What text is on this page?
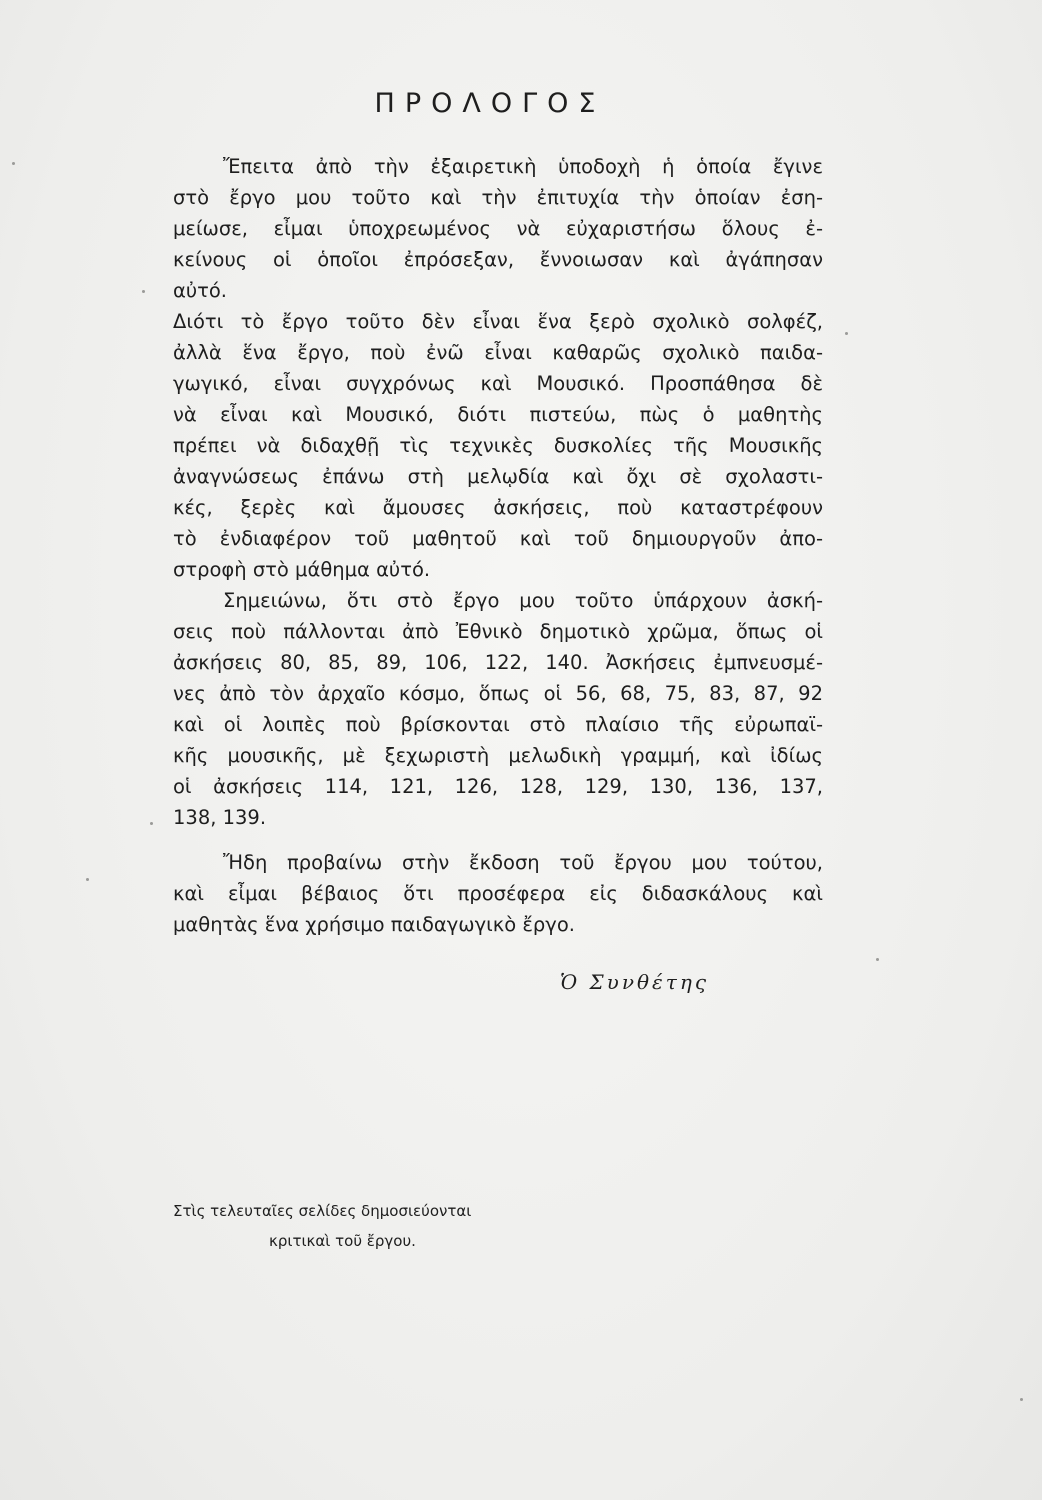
ΠΡΟΛΟΓΟΣ
Ἔπειτα ἀπὸ τὴν ἐξαιρετικὴ ὑποδοχὴ ἡ ὁποία ἔγινε
στὸ ἔργο μου τοῦτο καὶ τὴν ἐπιτυχία τὴν ὁποίαν ἐση-
μείωσε, εἶμαι ὑποχρεωμένος νὰ εὐχαριστήσω ὅλους ἐ-
κείνους οἱ ὁποῖοι ἐπρόσεξαν, ἔννοιωσαν καὶ ἀγάπησαν
αὐτό.
Διότι τὸ ἔργο τοῦτο δὲν εἶναι ἕνα ξερὸ σχολικὸ σολφέζ,
ἀλλὰ ἕνα ἔργο, ποὺ ἐνῶ εἶναι καθαρῶς σχολικὸ παιδα-
γωγικό, εἶναι συγχρόνως καὶ Μουσικό. Προσπάθησα δὲ
νὰ εἶναι καὶ Μουσικό, διότι πιστεύω, πὼς ὁ μαθητὴς
πρέπει νὰ διδαχθῇ τὶς τεχνικὲς δυσκολίες τῆς Μουσικῆς
ἀναγνώσεως ἐπάνω στὴ μελῳδία καὶ ὄχι σὲ σχολαστι-
κές, ξερὲς καὶ ἄμουσες ἀσκήσεις, ποὺ καταστρέφουν
τὸ ἐνδιαφέρον τοῦ μαθητοῦ καὶ τοῦ δημιουργοῦν ἀπο-
στροφὴ στὸ μάθημα αὐτό.
Σημειώνω, ὅτι στὸ ἔργο μου τοῦτο ὑπάρχουν ἀσκή-
σεις ποὺ πάλλονται ἀπὸ Ἐθνικὸ δημοτικὸ χρῶμα, ὅπως οἱ
ἀσκήσεις 80, 85, 89, 106, 122, 140. Ἀσκήσεις ἐμπνευσμέ-
νες ἀπὸ τὸν ἀρχαῖο κόσμο, ὅπως οἱ 56, 68, 75, 83, 87, 92
καὶ οἱ λοιπὲς ποὺ βρίσκονται στὸ πλαίσιο τῆς εὐρωπαϊ-
κῆς μουσικῆς, μὲ ξεχωριστὴ μελωδικὴ γραμμή, καὶ ἰδίως
οἱ ἀσκήσεις 114, 121, 126, 128, 129, 130, 136, 137,
138, 139.
Ἤδη προβαίνω στὴν ἔκδοση τοῦ ἔργου μου τούτου,
καὶ εἶμαι βέβαιος ὅτι προσέφερα εἰς διδασκάλους καὶ
μαθητὰς ἕνα χρήσιμο παιδαγωγικὸ ἔργο.
Ὁ Συνθέτης
Στὶς τελευταῖες σελίδες δημοσιεύονται
κριτικαὶ τοῦ ἔργου.
